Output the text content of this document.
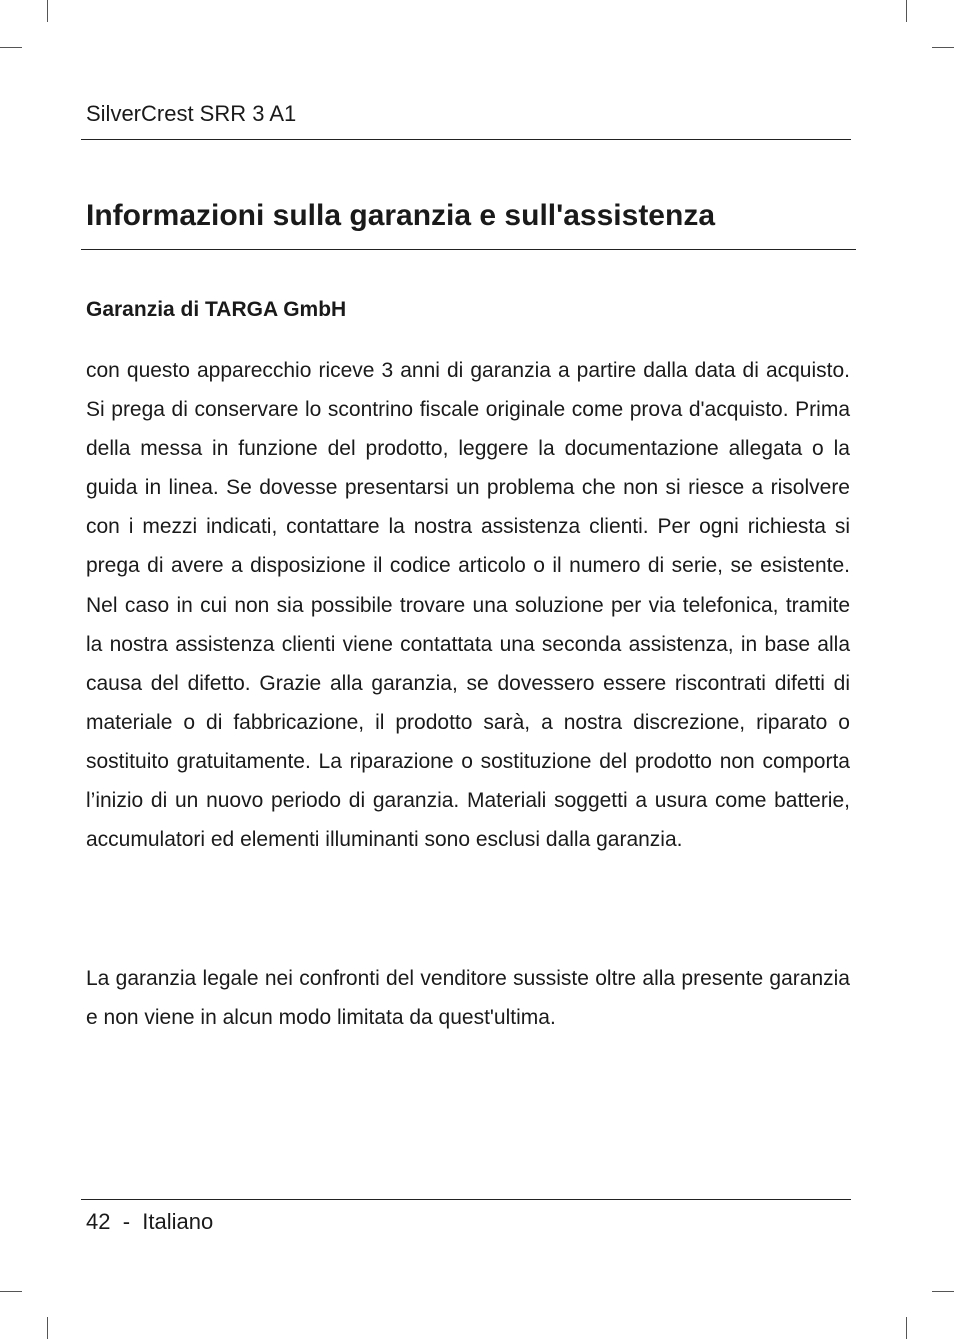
SilverCrest SRR 3 A1
Informazioni sulla garanzia e sull'assistenza
Garanzia di TARGA GmbH

con questo apparecchio riceve 3 anni di garanzia a partire dalla data di acquisto. Si prega di conservare lo scontrino fiscale originale come prova d'acquisto. Prima della messa in funzione del prodotto, leggere la documentazione allegata o la guida in linea. Se dovesse presentarsi un problema che non si riesce a risolvere con i mezzi indicati, contattare la nostra assistenza clienti. Per ogni richiesta si prega di avere a disposizione il codice articolo o il numero di serie, se esistente. Nel caso in cui non sia possibile trovare una soluzione per via telefonica, tramite la nostra assistenza clienti viene contattata una seconda assistenza, in base alla causa del difetto. Grazie alla garanzia, se dovessero essere riscontrati difetti di materiale o di fabbricazione, il prodotto sarà, a nostra discrezione, riparato o sostituito gratuitamente. La riparazione o sostituzione del prodotto non comporta l’inizio di un nuovo periodo di garanzia. Materiali soggetti a usura come batterie, accumulatori ed elementi illuminanti sono esclusi dalla garanzia.

La garanzia legale nei confronti del venditore sussiste oltre alla presente garanzia e non viene in alcun modo limitata da quest'ultima.

42 - Italiano
